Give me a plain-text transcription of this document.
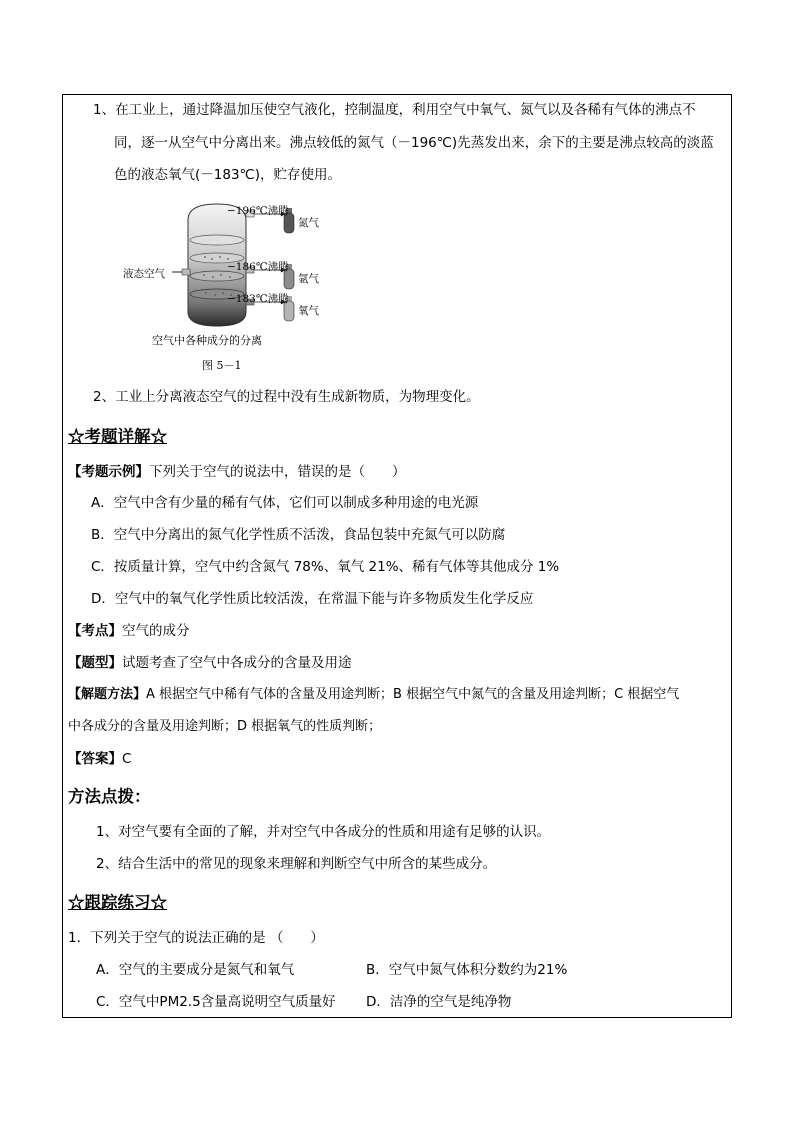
1、在工业上，通过降温加压使空气液化，控制温度，利用空气中氧气、氮气以及各稀有气体的沸点不
同，逐一从空气中分离出来。沸点较低的氮气（－196℃)先蒸发出来，余下的主要是沸点较高的淡蓝
色的液态氧气(－183℃)，贮存使用。
液态空气
−196℃沸腾
−186℃沸腾
−183℃沸腾
氮气
氩气
氧气
空气中各种成分的分离
图 5－1
2、工业上分离液态空气的过程中没有生成新物质，为物理变化。
☆考题详解☆
【考题示例】下列关于空气的说法中，错误的是（　　）
A．空气中含有少量的稀有气体，它们可以制成多种用途的电光源
B．空气中分离出的氮气化学性质不活泼，食品包装中充氮气可以防腐
C．按质量计算，空气中约含氮气 78%、氧气 21%、稀有气体等其他成分 1%
D．空气中的氧气化学性质比较活泼，在常温下能与许多物质发生化学反应
【考点】空气的成分
【题型】试题考查了空气中各成分的含量及用途
【解题方法】A 根据空气中稀有气体的含量及用途判断；B 根据空气中氮气的含量及用途判断；C 根据空气
中各成分的含量及用途判断；D 根据氧气的性质判断；
【答案】C
方法点拨：
1、对空气要有全面的了解，并对空气中各成分的性质和用途有足够的认识。
2、结合生活中的常见的现象来理解和判断空气中所含的某些成分。
☆跟踪练习☆
1．下列关于空气的说法正确的是 （　　）
A．空气的主要成分是氮气和氧气	B．空气中氮气体积分数约为21%
C．空气中PM2.5含量高说明空气质量好 D．洁净的空气是纯净物
